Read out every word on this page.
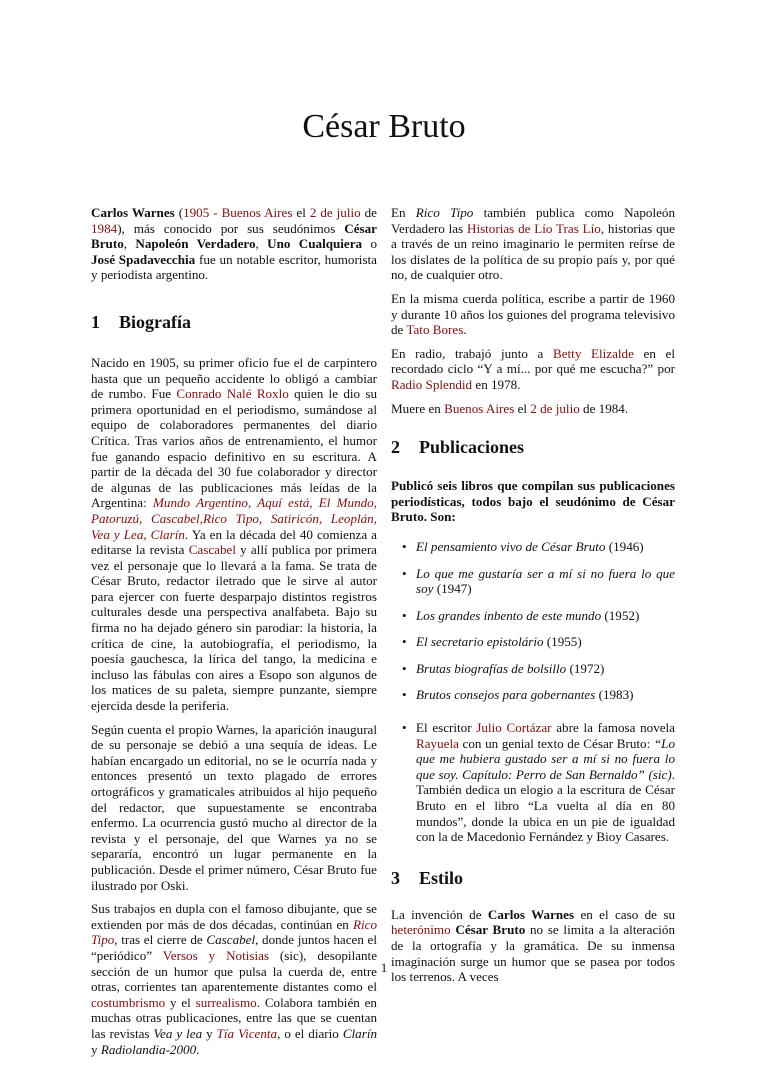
César Bruto

Carlos Warnes (1905 - Buenos Aires el 2 de julio de 1984), más conocido por sus seudónimos César Bruto, Napoleón Verdadero, Uno Cualquiera o José Spadavecchia fue un notable escritor, humorista y periodista argentino.

1	Biografía

Nacido en 1905, su primer oficio fue el de carpintero hasta que un pequeño accidente lo obligó a cambiar de rumbo. Fue Conrado Nalé Roxlo quien le dio su primera oportunidad en el periodismo, sumándose al equipo de colaboradores permanentes del diario Crítica. Tras varios años de entrenamiento, el humor fue ganando espacio definitivo en su escritura. A partir de la década del 30 fue colaborador y director de algunas de las publicaciones más leídas de la Argentina: Mundo Argentino, Aquí está, El Mundo, Patoruzú, Cascabel,Rico Tipo, Satiricón, Leoplán, Vea y Lea, Clarín. Ya en la década del 40 comienza a editarse la revista Cascabel y allí publica por primera vez el personaje que lo llevará a la fama. Se trata de César Bruto, redactor iletrado que le sirve al autor para ejercer con fuerte desparpajo distintos registros culturales desde una perspectiva analfabeta. Bajo su firma no ha dejado género sin parodiar: la historia, la crítica de cine, la autobiografía, el periodismo, la poesía gauchesca, la lírica del tango, la medicina e incluso las fábulas con aires a Esopo son algunos de los matices de su paleta, siempre punzante, siempre ejercida desde la periferia.

Según cuenta el propio Warnes, la aparición inaugural de su personaje se debió a una sequía de ideas. Le habían encargado un editorial, no se le ocurría nada y entonces presentó un texto plagado de errores ortográficos y gramaticales atribuidos al hijo pequeño del redactor, que supuestamente se encontraba enfermo. La ocurrencia gustó mucho al director de la revista y el personaje, del que Warnes ya no se separaría, encontró un lugar permanente en la publicación. Desde el primer número, César Bruto fue ilustrado por Oski.

Sus trabajos en dupla con el famoso dibujante, que se extienden por más de dos décadas, continúan en Rico Tipo, tras el cierre de Cascabel, donde juntos hacen el “periódico” Versos y Notisias (sic), desopilante sección de un humor que pulsa la cuerda de, entre otras, corrientes tan aparentemente distantes como el costumbrismo y el surrealismo. Colabora también en muchas otras publicaciones, entre las que se cuentan las revistas Vea y lea y Tía Vicenta, o el diario Clarín y Radiolandia-2000.

En Rico Tipo también publica como Napoleón Verdadero las Historias de Lío Tras Lío, historias que a través de un reino imaginario le permiten reírse de los dislates de la política de su propio país y, por qué no, de cualquier otro.

En la misma cuerda política, escribe a partir de 1960 y durante 10 años los guiones del programa televisivo de Tato Bores.

En radio, trabajó junto a Betty Elizalde en el recordado ciclo “Y a mí... por qué me escucha?” por Radio Splendid en 1978.

Muere en Buenos Aires el 2 de julio de 1984.

2	Publicaciones

Publicó seis libros que compilan sus publicaciones periodísticas, todos bajo el seudónimo de César Bruto. Son:

• El pensamiento vivo de César Bruto (1946)
• Lo que me gustaría ser a mí si no fuera lo que soy (1947)
• Los grandes inbento de este mundo (1952)
• El secretario epistolário (1955)
• Brutas biografías de bolsillo (1972)
• Brutos consejos para gobernantes (1983)
• El escritor Julio Cortázar abre la famosa novela Rayuela con un genial texto de César Bruto: “Lo que me hubiera gustado ser a mí si no fuera lo que soy. Capítulo: Perro de San Bernaldo” (sic). También dedica un elogio a la escritura de César Bruto en el libro “La vuelta al día en 80 mundos”, donde la ubica en un pie de igualdad con la de Macedonio Fernández y Bioy Casares.
3	Estilo

La invención de Carlos Warnes en el caso de su heterónimo César Bruto no se limita a la alteración de la ortografía y la gramática. De su inmensa imaginación surge un humor que se pasea por todos los terrenos. A veces

1
